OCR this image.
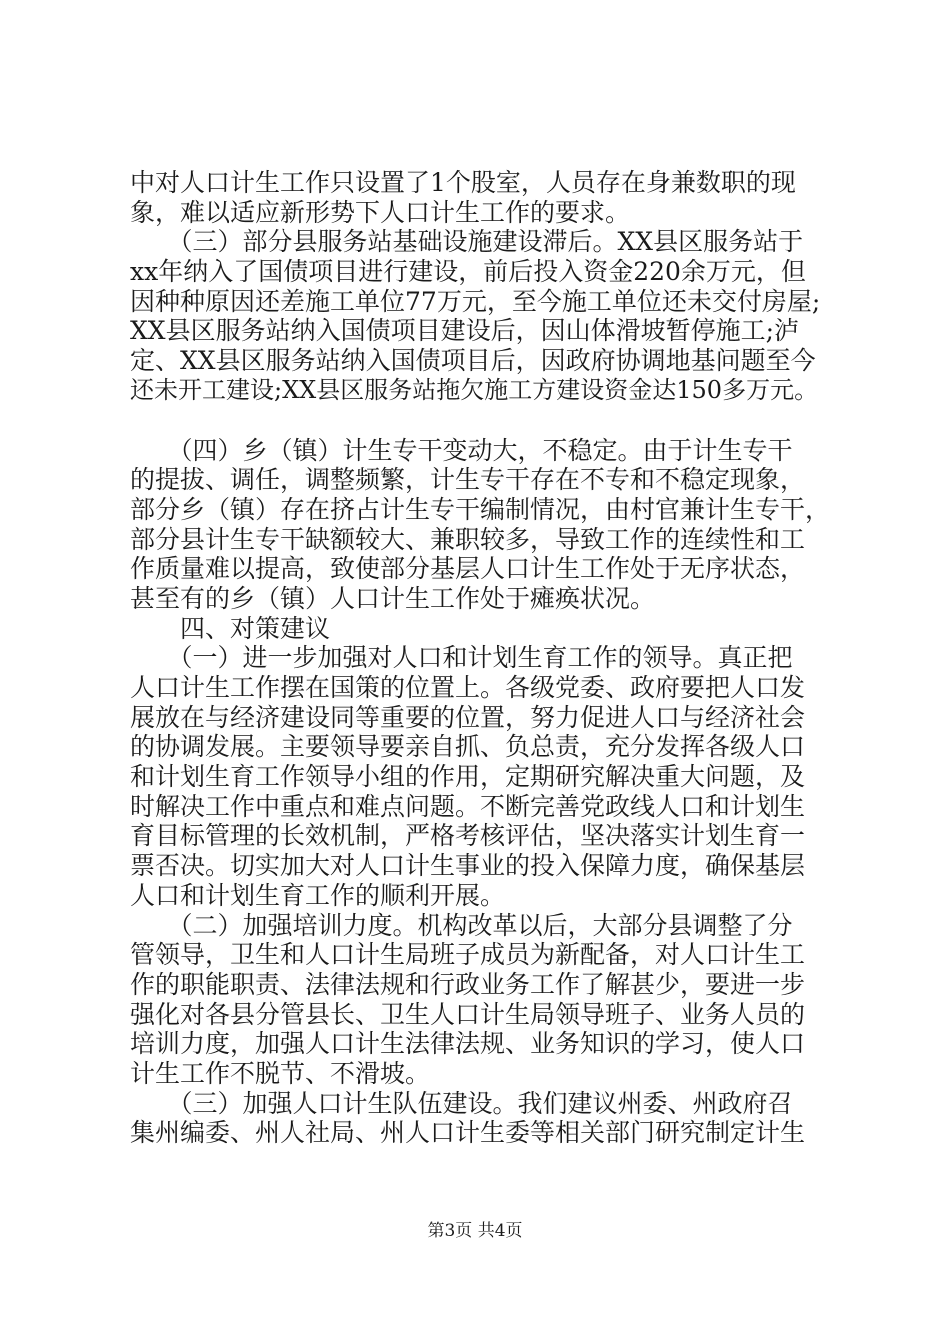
中对人口计生工作只设置了1个股室，人员存在身兼数职的现
象，难以适应新形势下人口计生工作的要求。
　　（三）部分县服务站基础设施建设滞后。XX县区服务站于
xx年纳入了国债项目进行建设，前后投入资金220余万元，但
因种种原因还差施工单位77万元，至今施工单位还未交付房屋;
XX县区服务站纳入国债项目建设后，因山体滑坡暂停施工;泸
定、XX县区服务站纳入国债项目后，因政府协调地基问题至今
还未开工建设;XX县区服务站拖欠施工方建设资金达150多万元。
　　（四）乡（镇）计生专干变动大，不稳定。由于计生专干
的提拔、调任，调整频繁，计生专干存在不专和不稳定现象，
部分乡（镇）存在挤占计生专干编制情况，由村官兼计生专干，
部分县计生专干缺额较大、兼职较多，导致工作的连续性和工
作质量难以提高，致使部分基层人口计生工作处于无序状态，
甚至有的乡（镇）人口计生工作处于瘫痪状况。
　　四、对策建议
　　（一）进一步加强对人口和计划生育工作的领导。真正把
人口计生工作摆在国策的位置上。各级党委、政府要把人口发
展放在与经济建设同等重要的位置，努力促进人口与经济社会
的协调发展。主要领导要亲自抓、负总责，充分发挥各级人口
和计划生育工作领导小组的作用，定期研究解决重大问题，及
时解决工作中重点和难点问题。不断完善党政线人口和计划生
育目标管理的长效机制，严格考核评估，坚决落实计划生育一
票否决。切实加大对人口计生事业的投入保障力度，确保基层
人口和计划生育工作的顺利开展。
　　（二）加强培训力度。机构改革以后，大部分县调整了分
管领导，卫生和人口计生局班子成员为新配备，对人口计生工
作的职能职责、法律法规和行政业务工作了解甚少，要进一步
强化对各县分管县长、卫生人口计生局领导班子、业务人员的
培训力度，加强人口计生法律法规、业务知识的学习，使人口
计生工作不脱节、不滑坡。
　　（三）加强人口计生队伍建设。我们建议州委、州政府召
集州编委、州人社局、州人口计生委等相关部门研究制定计生
第3页 共4页
